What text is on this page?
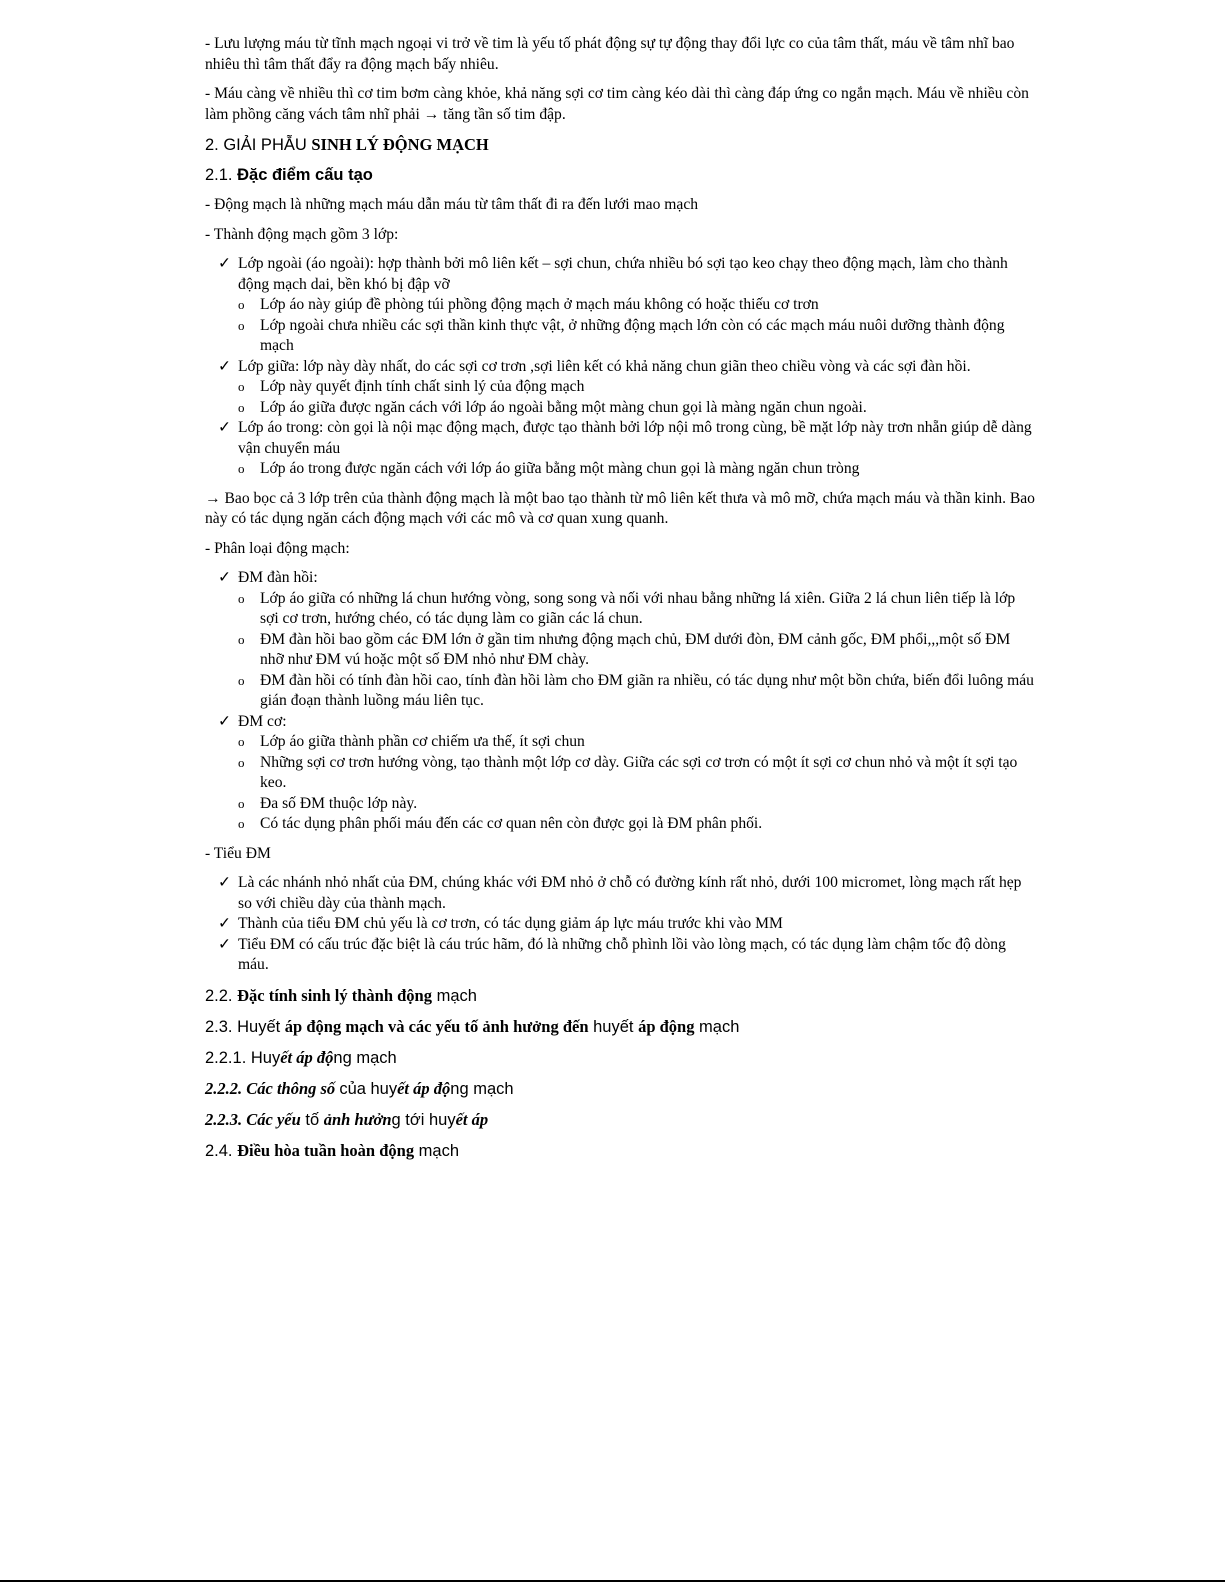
- Lưu lượng máu từ tĩnh mạch ngoại vi trở về tim là yếu tố phát động sự tự động thay đổi lực co của tâm thất, máu về tâm nhĩ bao nhiêu thì tâm thất đẩy ra động mạch bấy nhiêu.

- Máu càng về nhiều thì cơ tim bơm càng khỏe, khả năng sợi cơ tim càng kéo dài thì càng đáp ứng co ngắn mạch. Máu về nhiều còn làm phồng căng vách tâm nhĩ phải → tăng tần số tim đập.

2. GIẢI PHẪU SINH LÝ ĐỘNG MẠCH

2.1. Đặc điểm cấu tạo

- Động mạch là những mạch máu dẫn máu từ tâm thất đi ra đến lưới mao mạch

- Thành động mạch gồm 3 lớp:

✓ Lớp ngoài (áo ngoài): hợp thành bởi mô liên kết – sợi chun, chứa nhiều bó sợi tạo keo chạy theo động mạch, làm cho thành động mạch dai, bền khó bị đập vỡ
o Lớp áo này giúp đề phòng túi phồng động mạch ở mạch máu không có hoặc thiếu cơ trơn
o Lớp ngoài chưa nhiều các sợi thần kinh thực vật, ở những động mạch lớn còn có các mạch máu nuôi dưỡng thành động mạch
✓ Lớp giữa: lớp này dày nhất, do các sợi cơ trơn ,sợi liên kết có khả năng chun giãn theo chiều vòng và các sợi đàn hồi.
o Lớp này quyết định tính chất sinh lý của động mạch
o Lớp áo giữa được ngăn cách với lớp áo ngoài bằng một màng chun gọi là màng ngăn chun ngoài.
✓ Lớp áo trong: còn gọi là nội mạc động mạch, được tạo thành bởi lớp nội mô trong cùng, bề mặt lớp này trơn nhẵn giúp dễ dàng vận chuyển máu
o Lớp áo trong được ngăn cách với lớp áo giữa bằng một màng chun gọi là màng ngăn chun tròng

→ Bao bọc cả 3 lớp trên của thành động mạch là một bao tạo thành từ mô liên kết thưa và mô mỡ, chứa mạch máu và thần kinh. Bao này có tác dụng ngăn cách động mạch với các mô và cơ quan xung quanh.

- Phân loại động mạch:

✓ ĐM đàn hồi:
o Lớp áo giữa có những lá chun hướng vòng, song song và nối với nhau bằng những lá xiên. Giữa 2 lá chun liên tiếp là lớp sợi cơ trơn, hướng chéo, có tác dụng làm co giãn các lá chun.
o ĐM đàn hồi bao gồm các ĐM lớn ở gần tim nhưng động mạch chủ, ĐM dưới đòn, ĐM cảnh gốc, ĐM phổi,,,một số ĐM nhỡ như ĐM vú hoặc một số ĐM nhỏ như ĐM chày.
o ĐM đàn hồi có tính đàn hồi cao, tính đàn hồi làm cho ĐM giãn ra nhiều, có tác dụng như một bồn chứa, biến đổi luông máu gián đoạn thành luồng máu liên tục.
✓ ĐM cơ:
o Lớp áo giữa thành phần cơ chiếm ưa thế, ít sợi chun
o Những sợi cơ trơn hướng vòng, tạo thành một lớp cơ dày. Giữa các sợi cơ trơn có một ít sợi cơ chun nhỏ và một ít sợi tạo keo.
o Đa số ĐM thuộc lớp này.
o Có tác dụng phân phối máu đến các cơ quan nên còn được gọi là ĐM phân phối.

- Tiểu ĐM

✓ Là các nhánh nhỏ nhất của ĐM, chúng khác với ĐM nhỏ ở chỗ có đường kính rất nhỏ, dưới 100 micromet, lòng mạch rất hẹp so với chiều dày của thành mạch.
✓ Thành của tiểu ĐM chủ yếu là cơ trơn, có tác dụng giảm áp lực máu trước khi vào MM
✓ Tiểu ĐM có cấu trúc đặc biệt là cáu trúc hãm, đó là những chỗ phình lồi vào lòng mạch, có tác dụng làm chậm tốc độ dòng máu.

2.2. Đặc tính sinh lý thành động mạch

2.3. Huyết áp động mạch và các yếu tố ảnh hưởng đến huyết áp động mạch

2.2.1. Huyết áp động mạch

2.2.2. Các thông số của huyết áp động mạch

2.2.3. Các yếu tố ảnh hưởng tới huyết áp

2.4. Điều hòa tuần hoàn động mạch
